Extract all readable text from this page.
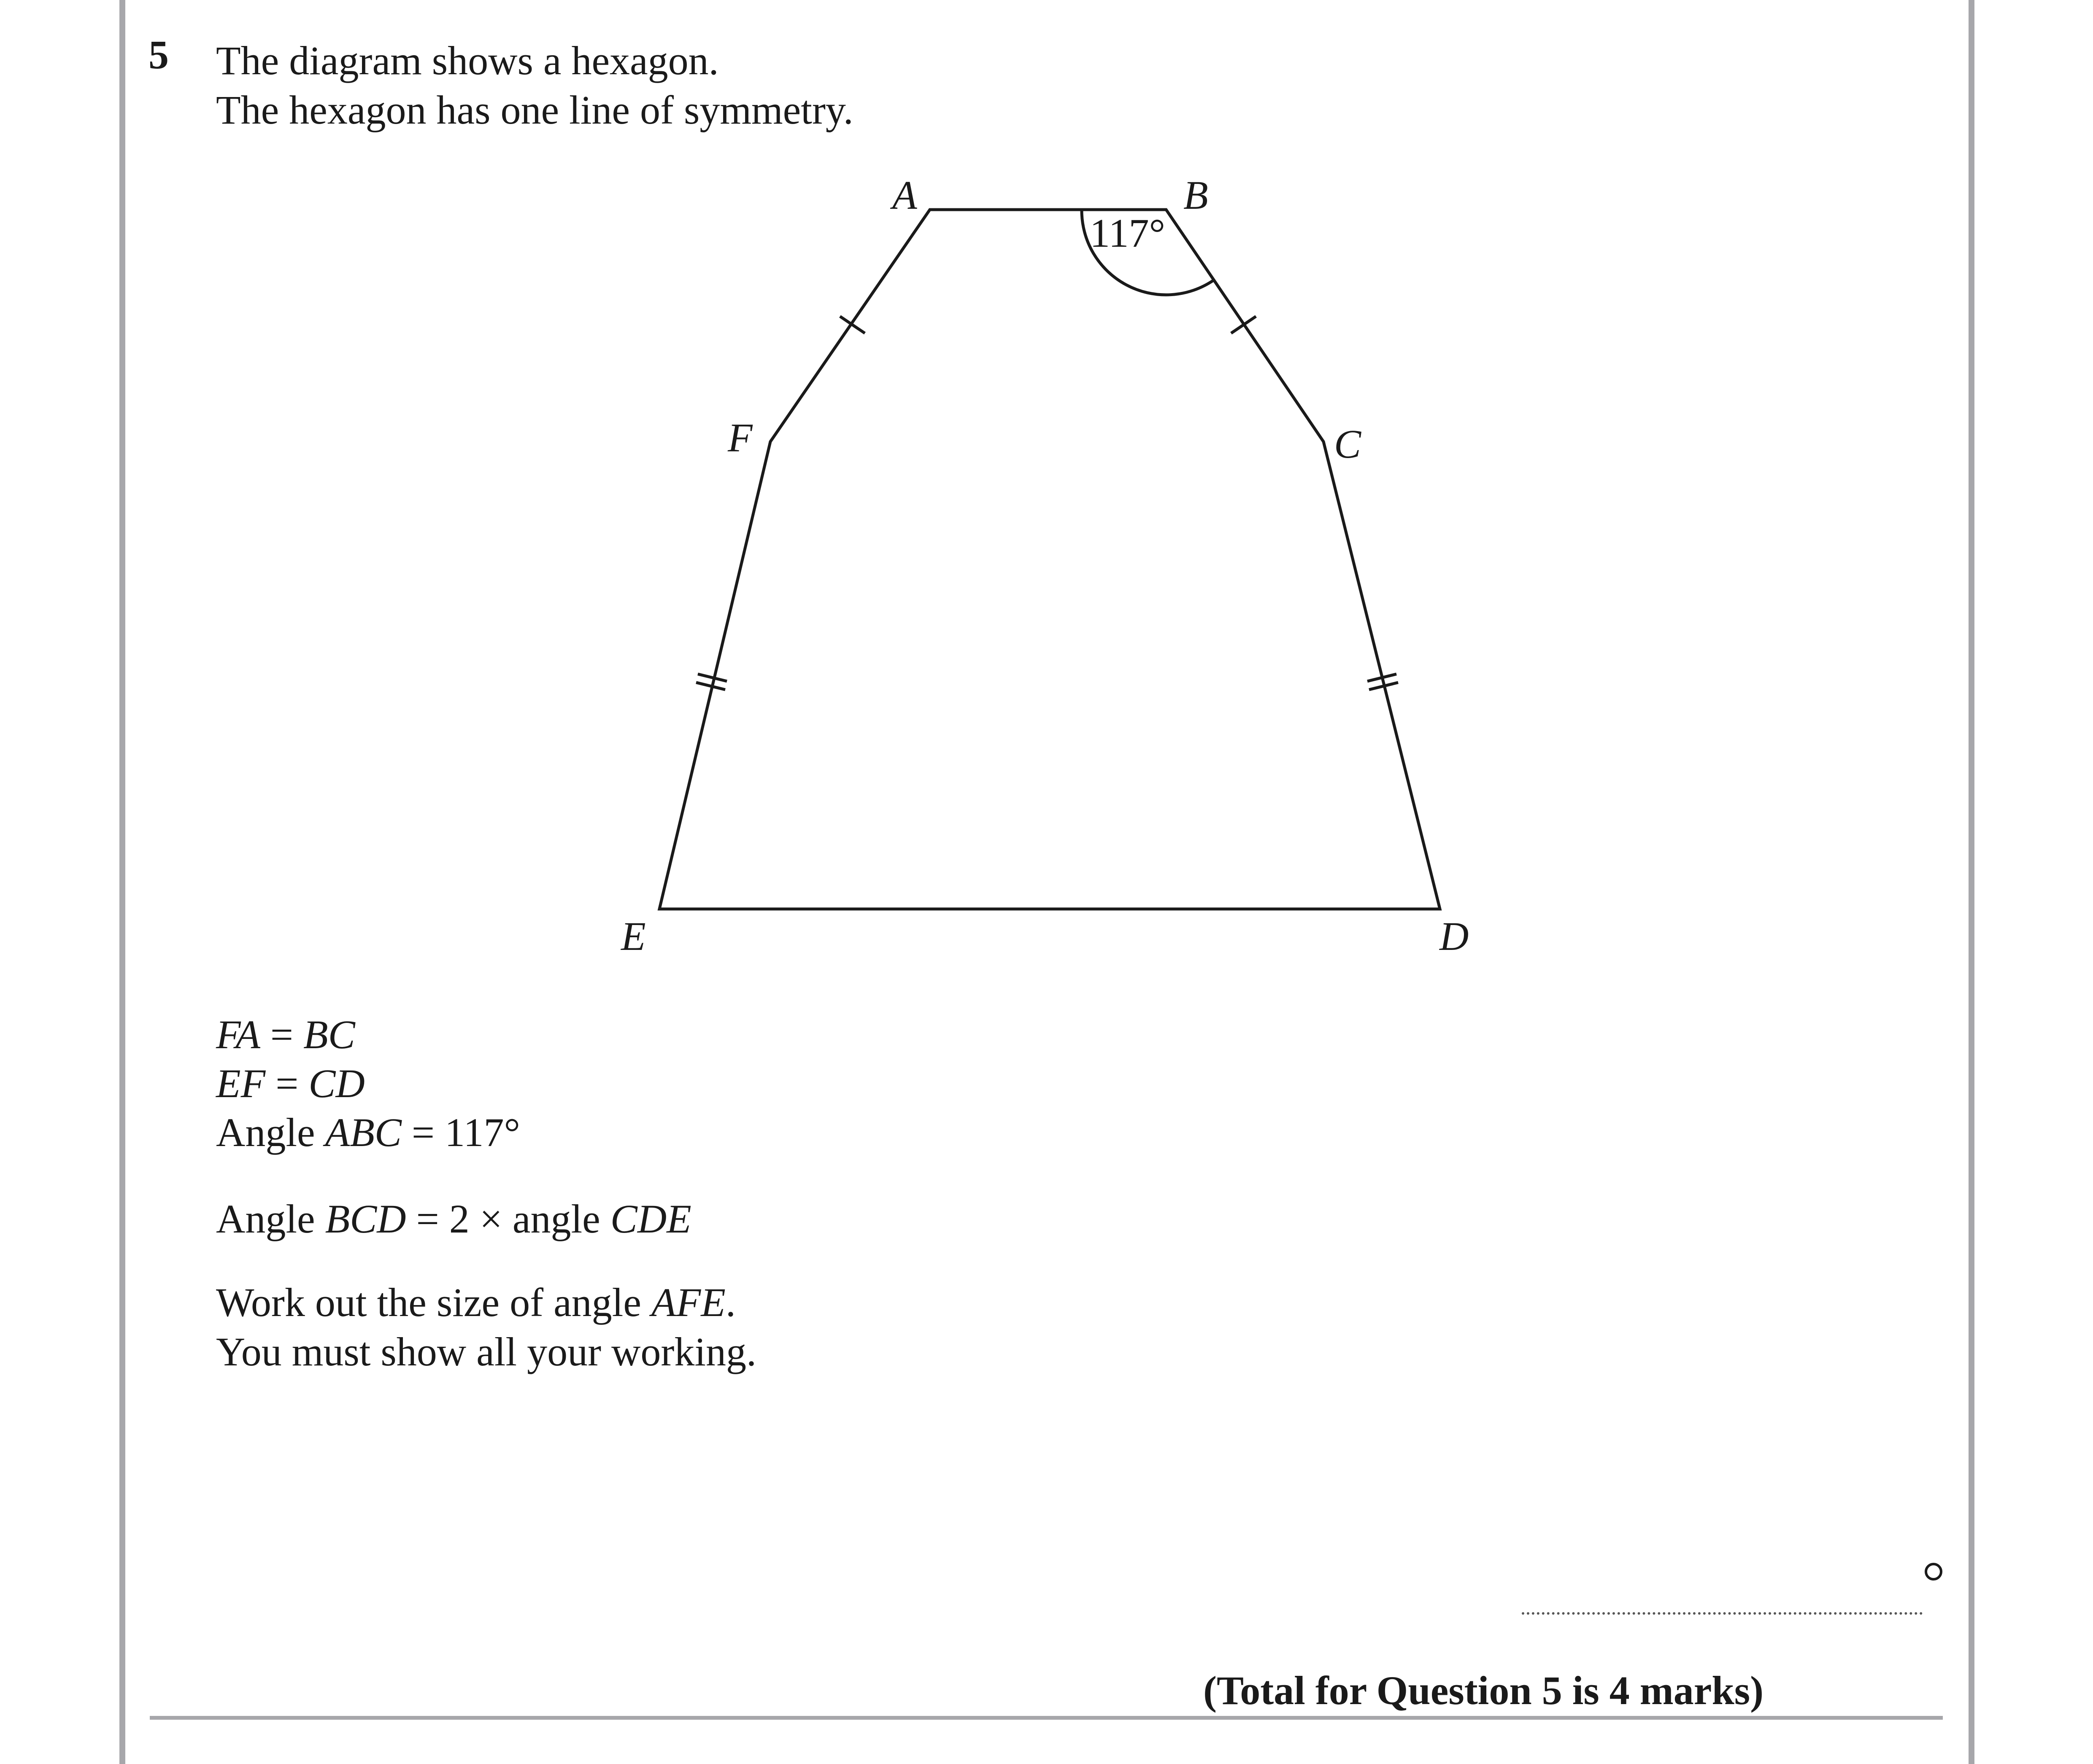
5 The diagram shows a hexagon.
The hexagon has one line of symmetry.
A	B
C
D
E
F
117°
FA = BC
EF = CD
Angle ABC = 117°
Angle BCD = 2 × angle CDE
Work out the size of angle AFE.
You must show all your working.
(Total for Question 5 is 4 marks)
